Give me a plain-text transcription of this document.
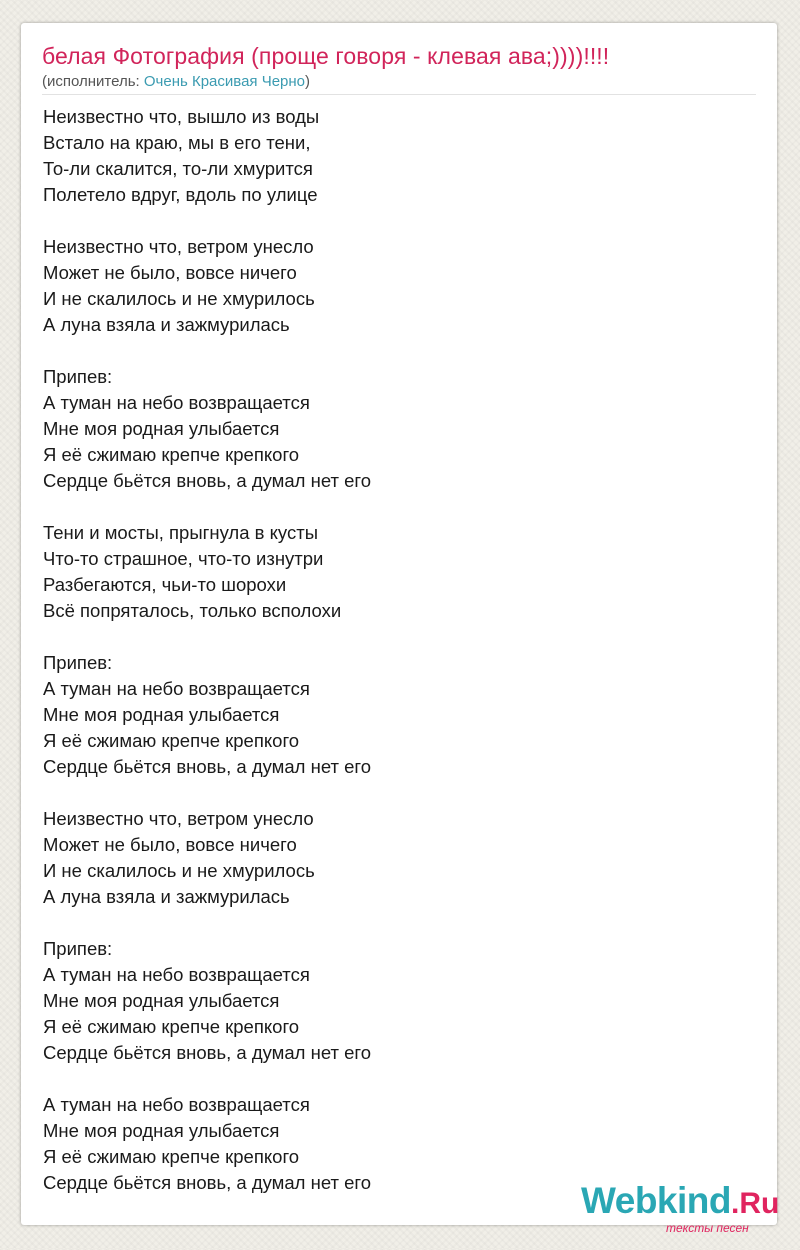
белая Фотография (проще говоря - клевая ава;))))!!!!
(исполнитель: Очень Красивая Черно)
Неизвестно что, вышло из воды
Встало на краю, мы в его тени,
То-ли скалится, то-ли хмурится
Полетело вдруг, вдоль по улице
Неизвестно что, ветром унесло
Может не было, вовсе ничего
И не скалилось и не хмурилось
А луна взяла и зажмурилась
Припев:
А туман на небо возвращается
Мне моя родная улыбается
Я её сжимаю крепче крепкого
Сердце бьётся вновь, а думал нет его
Тени и мосты, прыгнула в кусты
Что-то страшное, что-то изнутри
Разбегаются, чьи-то шорохи
Всё попряталось, только всполохи
Припев:
А туман на небо возвращается
Мне моя родная улыбается
Я её сжимаю крепче крепкого
Сердце бьётся вновь, а думал нет его
Неизвестно что, ветром унесло
Может не было, вовсе ничего
И не скалилось и не хмурилось
А луна взяла и зажмурилась
Припев:
А туман на небо возвращается
Мне моя родная улыбается
Я её сжимаю крепче крепкого
Сердце бьётся вновь, а думал нет его
А туман на небо возвращается
Мне моя родная улыбается
Я её сжимаю крепче крепкого
Сердце бьётся вновь, а думал нет его	Webkind.Ru
тексты песен
